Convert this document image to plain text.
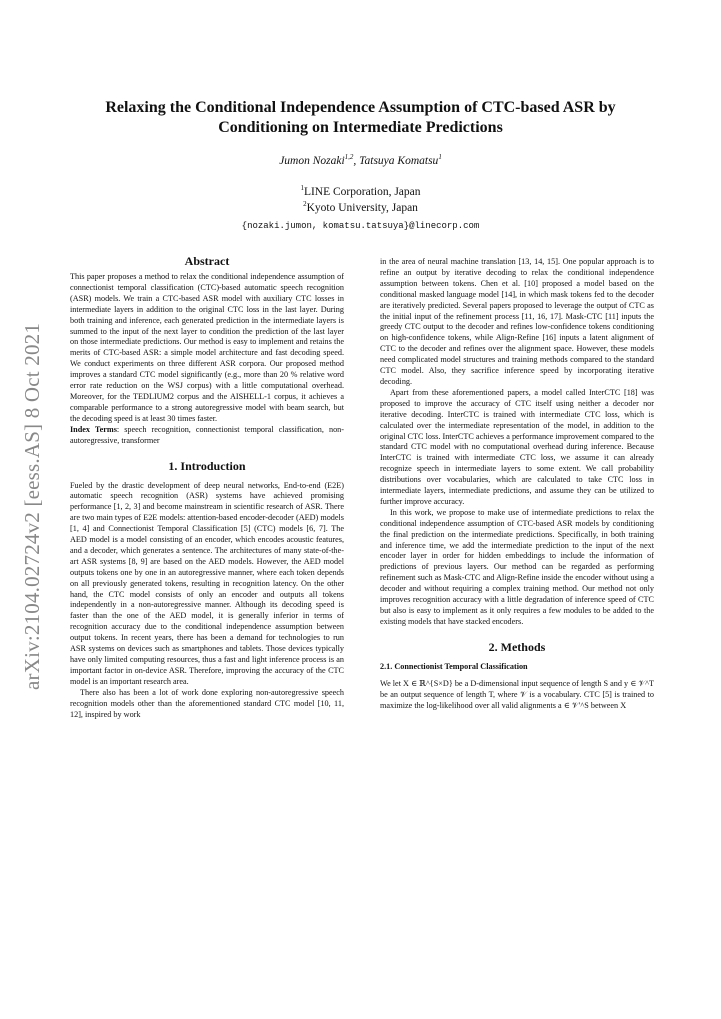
arXiv:2104.02724v2 [eess.AS] 8 Oct 2021
Relaxing the Conditional Independence Assumption of CTC-based ASR by Conditioning on Intermediate Predictions
Jumon Nozaki$^{1,2}$, Tatsuya Komatsu$^1$
$^1$LINE Corporation, Japan
$^2$Kyoto University, Japan
{nozaki.jumon, komatsu.tatsuya}@linecorp.com
Abstract

This paper proposes a method to relax the conditional independence assumption of connectionist temporal classification (CTC)-based automatic speech recognition (ASR) models. We train a CTC-based ASR model with auxiliary CTC losses in intermediate layers in addition to the original CTC loss in the last layer. During both training and inference, each generated prediction in the intermediate layers is summed to the input of the next layer to condition the prediction of the last layer on those intermediate predictions. Our method is easy to implement and retains the merits of CTC-based ASR: a simple model architecture and fast decoding speed. We conduct experiments on three different ASR corpora. Our proposed method improves a standard CTC model significantly (e.g., more than 20 % relative word error rate reduction on the WSJ corpus) with a little computational overhead. Moreover, for the TEDLIUM2 corpus and the AISHELL-1 corpus, it achieves a comparable performance to a strong autoregressive model with beam search, but the decoding speed is at least 30 times faster.

Index Terms: speech recognition, connectionist temporal classification, non-autoregressive, transformer

1. Introduction

Fueled by the drastic development of deep neural networks, End-to-end (E2E) automatic speech recognition (ASR) systems have achieved promising performance [1, 2, 3] and become mainstream in scientific research of ASR. There are two main types of E2E models: attention-based encoder-decoder (AED) models [1, 4] and Connectionist Temporal Classification [5] (CTC) models [6, 7]. The AED model is a model consisting of an encoder, which encodes acoustic features, and a decoder, which generates a sentence. The architectures of many state-of-the-art ASR systems [8, 9] are based on the AED models. However, the AED model outputs tokens one by one in an autoregressive manner, where each token depends on all previously generated tokens, resulting in recognition latency. On the other hand, the CTC model consists of only an encoder and outputs all tokens independently in a non-autoregressive manner. Although its decoding speed is faster than the one of the AED model, it is generally inferior in terms of recognition accuracy due to the conditional independence assumption between output tokens. In recent years, there has been a demand for technologies to run ASR systems on devices such as smartphones and tablets. Those devices typically have only limited computing resources, thus a fast and light inference process is an important factor in on-device ASR. Therefore, improving the accuracy of the CTC model is an important research area.

There also has been a lot of work done exploring non-autoregressive speech recognition models other than the aforementioned standard CTC model [10, 11, 12], inspired by work

in the area of neural machine translation [13, 14, 15]. One popular approach is to refine an output by iterative decoding to relax the conditional independence assumption between tokens. Chen et al. [10] proposed a model based on the conditional masked language model [14], in which mask tokens fed to the decoder are iteratively predicted. Several papers proposed to leverage the output of CTC as the initial input of the refinement process [11, 16, 17]. Mask-CTC [11] inputs the greedy CTC output to the decoder and refines low-confidence tokens conditioning on high-confidence tokens, while Align-Refine [16] inputs a latent alignment of CTC to the decoder and refines over the alignment space. However, these models need complicated model structures and training methods compared to the standard CTC model. Also, they sacrifice inference speed by incorporating iterative decoding.

Apart from these aforementioned papers, a model called InterCTC [18] was proposed to improve the accuracy of CTC itself using neither a decoder nor iterative decoding. InterCTC is trained with intermediate CTC loss, which is calculated over the intermediate representation of the model, in addition to the original CTC loss. InterCTC achieves a performance improvement compared to the standard CTC model with no computational overhead during inference. Because InterCTC is trained with intermediate CTC loss, we assume it can already recognize speech in intermediate layers to some extent. We call probability distributions over vocabularies, which are calculated to take CTC loss in intermediate layers, intermediate predictions, and assume they can be utilized to further improve accuracy.

In this work, we propose to make use of intermediate predictions to relax the conditional independence assumption of CTC-based ASR models by conditioning the final prediction on the intermediate predictions. Specifically, in both training and inference time, we add the intermediate prediction to the input of the next encoder layer in order for hidden embeddings to include the information of predictions of previous layers. Our method can be regarded as performing refinement such as Mask-CTC and Align-Refine inside the encoder without using a decoder and without requiring a complex training method. Our method not only improves recognition accuracy with a little degradation of inference speed of CTC but also is easy to implement as it only requires a few modules to be added to the existing models that have stacked encoders.

2. Methods
2.1. Connectionist Temporal Classification

We let X ∈ ℝ^{S×D} be a D-dimensional input sequence of length S and y ∈ 𝒱^T be an output sequence of length T, where 𝒱 is a vocabulary. CTC [5] is trained to maximize the log-likelihood over all valid alignments a ∈ 𝒱′^S between X
